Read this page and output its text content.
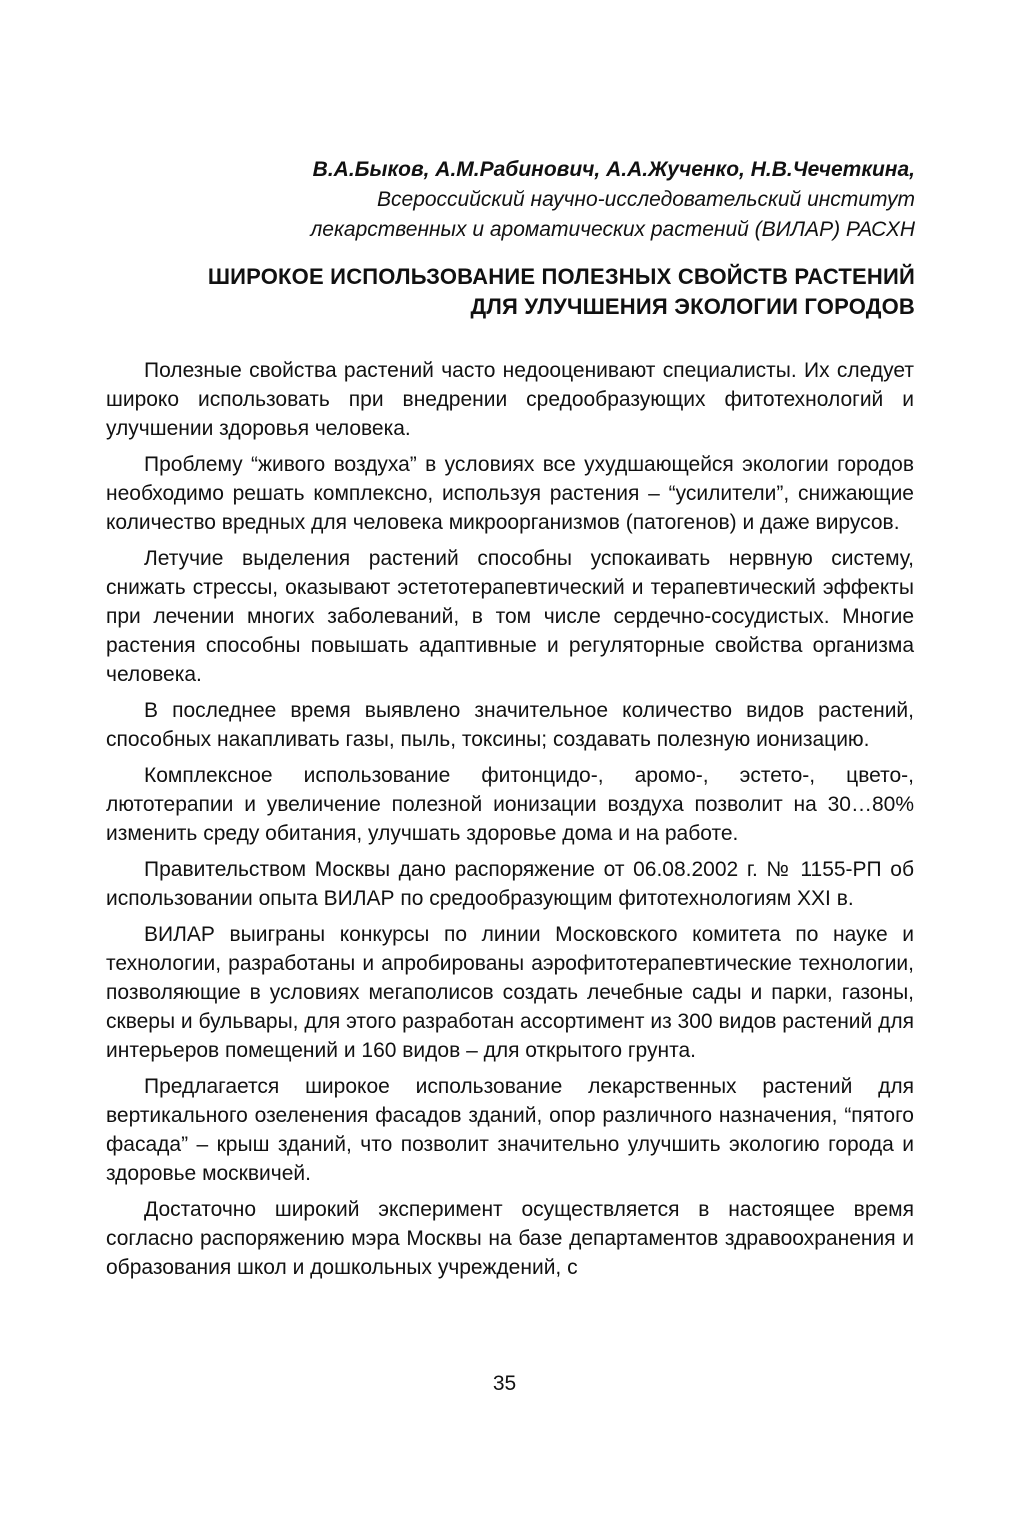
В.А.Быков, А.М.Рабинович, А.А.Жученко, Н.В.Чечеткина,
Всероссийский научно-исследовательский институт
лекарственных и ароматических растений (ВИЛАР) РАСХН
ШИРОКОЕ ИСПОЛЬЗОВАНИЕ ПОЛЕЗНЫХ СВОЙСТВ РАСТЕНИЙ
ДЛЯ УЛУЧШЕНИЯ ЭКОЛОГИИ ГОРОДОВ

Полезные свойства растений часто недооценивают специалисты. Их следует широко использовать при внедрении средообразующих фитотехнологий и улучшении здоровья человека.

Проблему “живого воздуха” в условиях все ухудшающейся экологии городов необходимо решать комплексно, используя растения – “усилители”, снижающие количество вредных для человека микроорганизмов (патогенов) и даже вирусов.

Летучие выделения растений способны успокаивать нервную систему, снижать стрессы, оказывают эстетотерапевтический и терапевтический эффекты при лечении многих заболеваний, в том числе сердечно-сосудистых. Многие растения способны повышать адаптивные и регуляторные свойства организма человека.

В последнее время выявлено значительное количество видов растений, способных накапливать газы, пыль, токсины; создавать полезную ионизацию.

Комплексное использование фитонцидо-, аромо-, эстето-, цвето-, лютотерапии и увеличение полезной ионизации воздуха позволит на 30…80% изменить среду обитания, улучшать здоровье дома и на работе.

Правительством Москвы дано распоряжение от 06.08.2002 г. № 1155-РП об использовании опыта ВИЛАР по средообразующим фитотехнологиям XXI в.

ВИЛАР выиграны конкурсы по линии Московского комитета по науке и технологии, разработаны и апробированы аэрофитотерапевтические технологии, позволяющие в условиях мегаполисов создать лечебные сады и парки, газоны, скверы и бульвары, для этого разработан ассортимент из 300 видов растений для интерьеров помещений и 160 видов – для открытого грунта.

Предлагается широкое использование лекарственных растений для вертикального озеленения фасадов зданий, опор различного назначения, “пятого фасада” – крыш зданий, что позволит значительно улучшить экологию города и здоровье москвичей.

Достаточно широкий эксперимент осуществляется в настоящее время согласно распоряжению мэра Москвы на базе департаментов здравоохранения и образования школ и дошкольных учреждений, с

35
